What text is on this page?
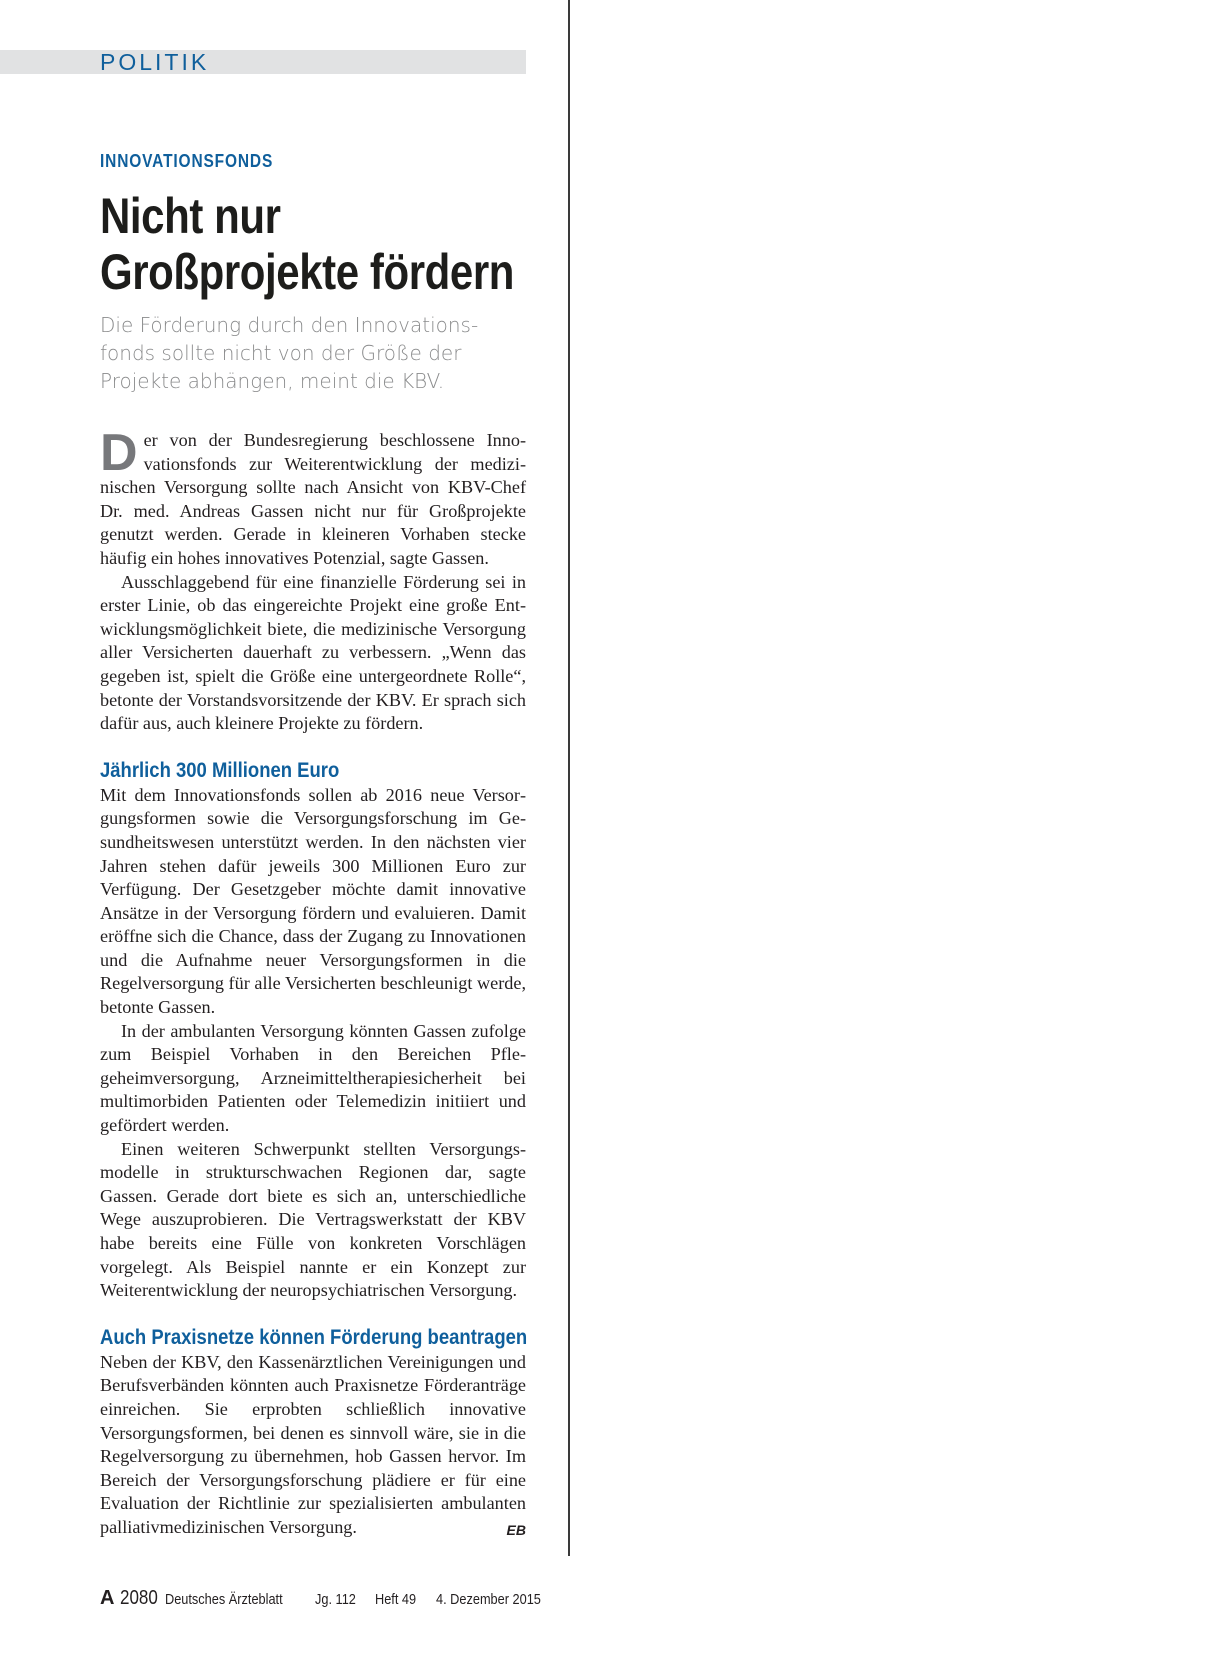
POLITIK
INNOVATIONSFONDS
Nicht nur Großprojekte fördern

Die Förderung durch den Innovationsfonds sollte nicht von der Größe der Projekte abhängen, meint die KBV.

Der von der Bundesregierung beschlossene Innovationsfonds zur Weiterentwicklung der medizinischen Versorgung sollte nach Ansicht von KBV-Chef Dr. med. Andreas Gassen nicht nur für Großprojekte genutzt werden. Gerade in kleineren Vorhaben stecke häufig ein hohes innovatives Potenzial, sagte Gassen.

Ausschlaggebend für eine finanzielle Förderung sei in erster Linie, ob das eingereichte Projekt eine große Entwicklungsmöglichkeit biete, die medizinische Versorgung aller Versicherten dauerhaft zu verbessern. „Wenn das gegeben ist, spielt die Größe eine untergeordnete Rolle“, betonte der Vorstandsvorsitzende der KBV. Er sprach sich dafür aus, auch kleinere Projekte zu fördern.

Jährlich 300 Millionen Euro

Mit dem Innovationsfonds sollen ab 2016 neue Versorgungsformen sowie die Versorgungsforschung im Gesundheitswesen unterstützt werden. In den nächsten vier Jahren stehen dafür jeweils 300 Millionen Euro zur Verfügung. Der Gesetzgeber möchte damit innovative Ansätze in der Versorgung fördern und evaluieren. Damit eröffne sich die Chance, dass der Zugang zu Innovationen und die Aufnahme neuer Versorgungsformen in die Regelversorgung für alle Versicherten beschleunigt werde, betonte Gassen.

In der ambulanten Versorgung könnten Gassen zufolge zum Beispiel Vorhaben in den Bereichen Pflegeheimversorgung, Arzneimitteltherapiesicherheit bei multimorbiden Patienten oder Telemedizin initiiert und gefördert werden.

Einen weiteren Schwerpunkt stellten Versorgungsmodelle in strukturschwachen Regionen dar, sagte Gassen. Gerade dort biete es sich an, unterschiedliche Wege auszuprobieren. Die Vertragswerkstatt der KBV habe bereits eine Fülle von konkreten Vorschlägen vorgelegt. Als Beispiel nannte er ein Konzept zur Weiterentwicklung der neuropsychiatrischen Versorgung.

Auch Praxisnetze können Förderung beantragen

Neben der KBV, den Kassenärztlichen Vereinigungen und Berufsverbänden könnten auch Praxisnetze Förderanträge einreichen. Sie erprobten schließlich innovative Versorgungsformen, bei denen es sinnvoll wäre, sie in die Regelversorgung zu übernehmen, hob Gassen hervor. Im Bereich der Versorgungsforschung plädiere er für eine Evaluation der Richtlinie zur spezialisierten ambulanten palliativmedizinischen Versorgung.	EB

A 2080 Deutsches Ärzteblatt Jg. 112 Heft 49 4. Dezember 2015
